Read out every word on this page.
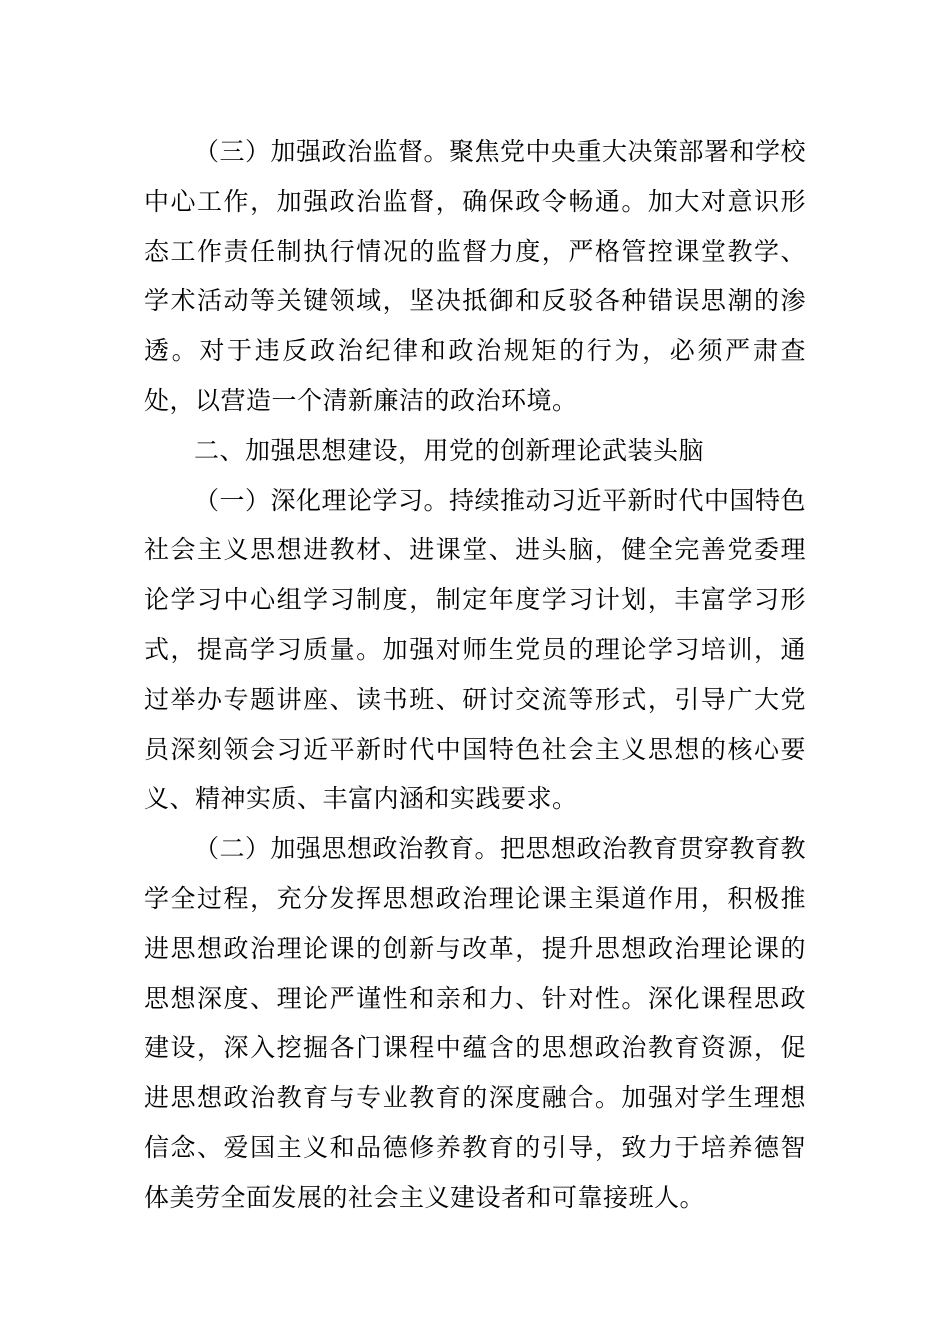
（三）加强政治监督。聚焦党中央重大决策部署和学校中心工作，加强政治监督，确保政令畅通。加大对意识形态工作责任制执行情况的监督力度，严格管控课堂教学、学术活动等关键领域，坚决抵御和反驳各种错误思潮的渗透。对于违反政治纪律和政治规矩的行为，必须严肃查处，以营造一个清新廉洁的政治环境。

二、加强思想建设，用党的创新理论武装头脑

（一）深化理论学习。持续推动习近平新时代中国特色社会主义思想进教材、进课堂、进头脑，健全完善党委理论学习中心组学习制度，制定年度学习计划，丰富学习形式，提高学习质量。加强对师生党员的理论学习培训，通过举办专题讲座、读书班、研讨交流等形式，引导广大党员深刻领会习近平新时代中国特色社会主义思想的核心要义、精神实质、丰富内涵和实践要求。

（二）加强思想政治教育。把思想政治教育贯穿教育教学全过程，充分发挥思想政治理论课主渠道作用，积极推进思想政治理论课的创新与改革，提升思想政治理论课的思想深度、理论严谨性和亲和力、针对性。深化课程思政建设，深入挖掘各门课程中蕴含的思想政治教育资源，促进思想政治教育与专业教育的深度融合。加强对学生理想信念、爱国主义和品德修养教育的引导，致力于培养德智体美劳全面发展的社会主义建设者和可靠接班人。
